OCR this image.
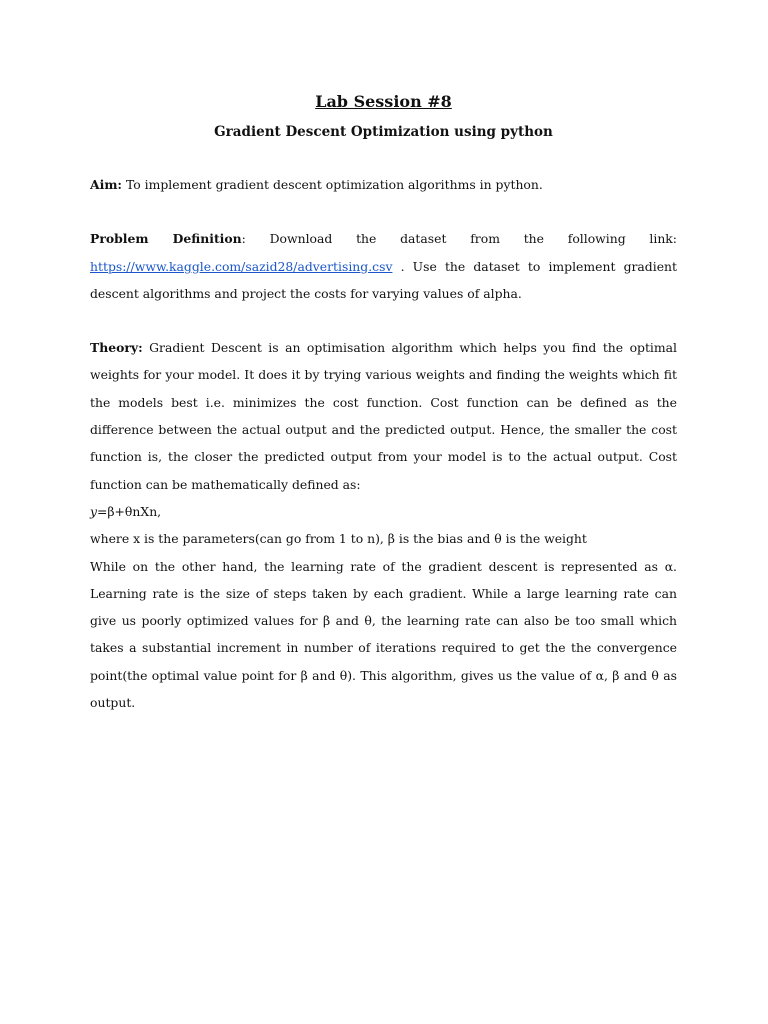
Lab Session #8
Gradient Descent Optimization using python

Aim: To implement gradient descent optimization algorithms in python.

Problem Definition: Download the dataset from the following link: https://www.kaggle.com/sazid28/advertising.csv . Use the dataset to implement gradient descent algorithms and project the costs for varying values of alpha.

Theory: Gradient Descent is an optimisation algorithm which helps you find the optimal weights for your model. It does it by trying various weights and finding the weights which fit the models best i.e. minimizes the cost function. Cost function can be defined as the difference between the actual output and the predicted output. Hence, the smaller the cost function is, the closer the predicted output from your model is to the actual output. Cost function can be mathematically defined as:

y=β+θnXn,

where x is the parameters(can go from 1 to n), β is the bias and θ is the weight

While on the other hand, the learning rate of the gradient descent is represented as α. Learning rate is the size of steps taken by each gradient. While a large learning rate can give us poorly optimized values for β and θ, the learning rate can also be too small which takes a substantial increment in number of iterations required to get the the convergence point(the optimal value point for β and θ). This algorithm, gives us the value of α, β and θ as output.
